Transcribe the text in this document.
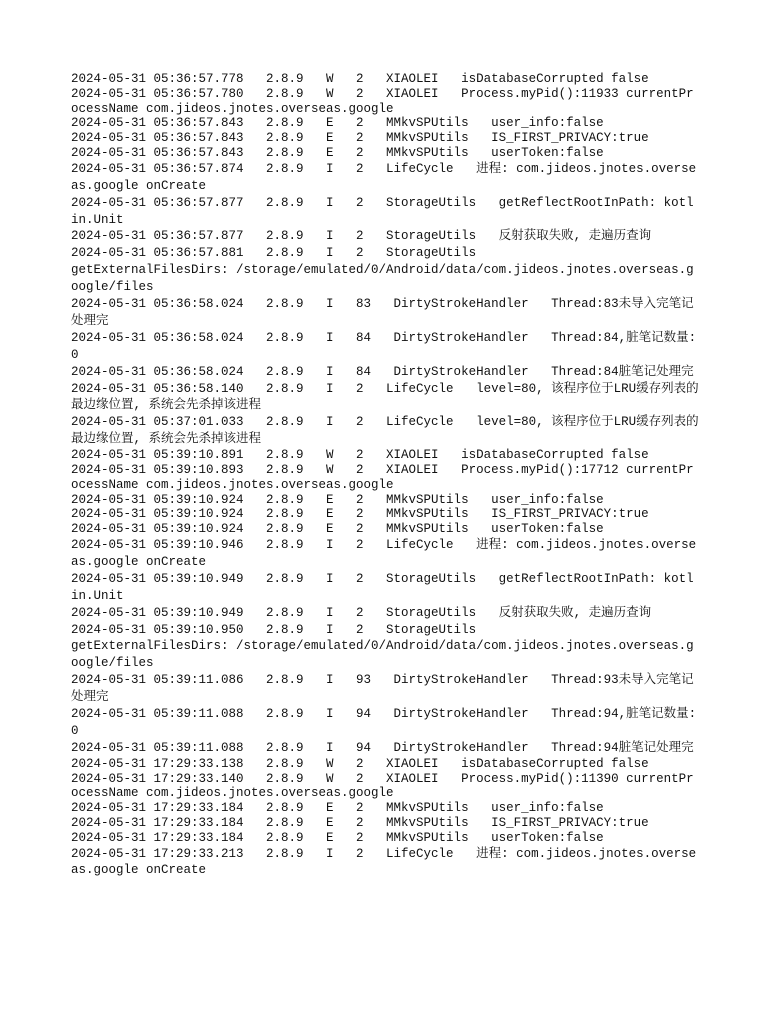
2024-05-31 05:36:57.778   2.8.9   W   2   XIAOLEI   isDatabaseCorrupted false
2024-05-31 05:36:57.780   2.8.9   W   2   XIAOLEI   Process.myPid():11933 currentProcessName com.jideos.jnotes.overseas.google
2024-05-31 05:36:57.843   2.8.9   E   2   MMkvSPUtils   user_info:false
2024-05-31 05:36:57.843   2.8.9   E   2   MMkvSPUtils   IS_FIRST_PRIVACY:true
2024-05-31 05:36:57.843   2.8.9   E   2   MMkvSPUtils   userToken:false
2024-05-31 05:36:57.874   2.8.9   I   2   LifeCycle   进程: com.jideos.jnotes.overseas.google onCreate
2024-05-31 05:36:57.877   2.8.9   I   2   StorageUtils   getReflectRootInPath: kotlin.Unit
2024-05-31 05:36:57.877   2.8.9   I   2   StorageUtils   反射获取失败, 走遍历查询
2024-05-31 05:36:57.881   2.8.9   I   2   StorageUtils
getExternalFilesDirs: /storage/emulated/0/Android/data/com.jideos.jnotes.overseas.google/files
2024-05-31 05:36:58.024   2.8.9   I   83   DirtyStrokeHandler   Thread:83未导入完笔记处理完
2024-05-31 05:36:58.024   2.8.9   I   84   DirtyStrokeHandler   Thread:84,脏笔记数量: 0
2024-05-31 05:36:58.024   2.8.9   I   84   DirtyStrokeHandler   Thread:84脏笔记处理完
2024-05-31 05:36:58.140   2.8.9   I   2   LifeCycle   level=80, 该程序位于LRU缓存列表的最边缘位置, 系统会先杀掉该进程
2024-05-31 05:37:01.033   2.8.9   I   2   LifeCycle   level=80, 该程序位于LRU缓存列表的最边缘位置, 系统会先杀掉该进程
2024-05-31 05:39:10.891   2.8.9   W   2   XIAOLEI   isDatabaseCorrupted false
2024-05-31 05:39:10.893   2.8.9   W   2   XIAOLEI   Process.myPid():17712 currentProcessName com.jideos.jnotes.overseas.google
2024-05-31 05:39:10.924   2.8.9   E   2   MMkvSPUtils   user_info:false
2024-05-31 05:39:10.924   2.8.9   E   2   MMkvSPUtils   IS_FIRST_PRIVACY:true
2024-05-31 05:39:10.924   2.8.9   E   2   MMkvSPUtils   userToken:false
2024-05-31 05:39:10.946   2.8.9   I   2   LifeCycle   进程: com.jideos.jnotes.overseas.google onCreate
2024-05-31 05:39:10.949   2.8.9   I   2   StorageUtils   getReflectRootInPath: kotlin.Unit
2024-05-31 05:39:10.949   2.8.9   I   2   StorageUtils   反射获取失败, 走遍历查询
2024-05-31 05:39:10.950   2.8.9   I   2   StorageUtils
getExternalFilesDirs: /storage/emulated/0/Android/data/com.jideos.jnotes.overseas.google/files
2024-05-31 05:39:11.086   2.8.9   I   93   DirtyStrokeHandler   Thread:93未导入完笔记处理完
2024-05-31 05:39:11.088   2.8.9   I   94   DirtyStrokeHandler   Thread:94,脏笔记数量: 0
2024-05-31 05:39:11.088   2.8.9   I   94   DirtyStrokeHandler   Thread:94脏笔记处理完
2024-05-31 17:29:33.138   2.8.9   W   2   XIAOLEI   isDatabaseCorrupted false
2024-05-31 17:29:33.140   2.8.9   W   2   XIAOLEI   Process.myPid():11390 currentProcessName com.jideos.jnotes.overseas.google
2024-05-31 17:29:33.184   2.8.9   E   2   MMkvSPUtils   user_info:false
2024-05-31 17:29:33.184   2.8.9   E   2   MMkvSPUtils   IS_FIRST_PRIVACY:true
2024-05-31 17:29:33.184   2.8.9   E   2   MMkvSPUtils   userToken:false
2024-05-31 17:29:33.213   2.8.9   I   2   LifeCycle   进程: com.jideos.jnotes.overseas.google onCreate
